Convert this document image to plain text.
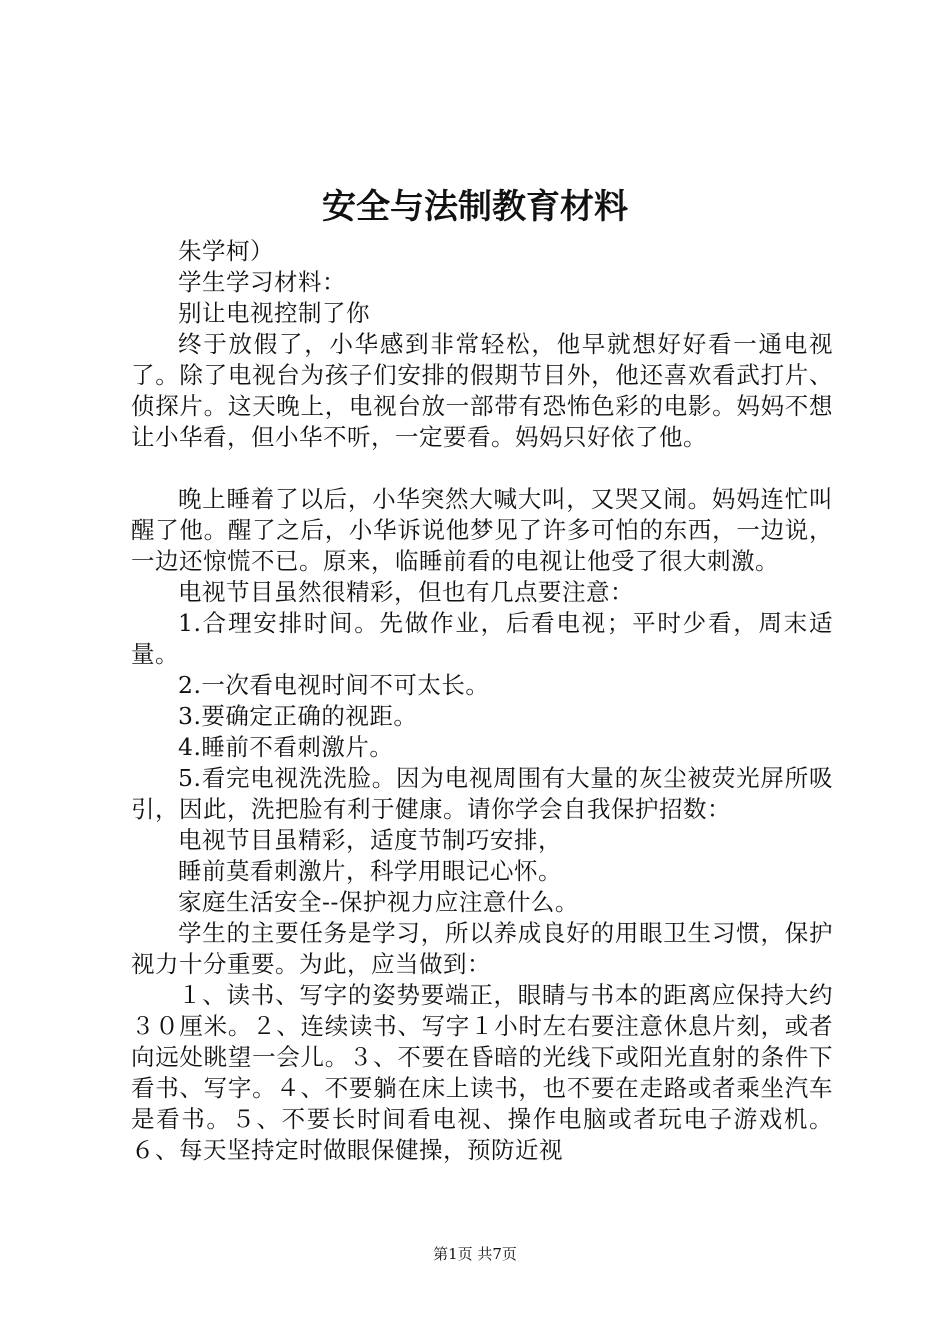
安全与法制教育材料

朱学柯）

学生学习材料：

别让电视控制了你

终于放假了，小华感到非常轻松，他早就想好好看一通电视了。除了电视台为孩子们安排的假期节目外，他还喜欢看武打片、侦探片。这天晚上，电视台放一部带有恐怖色彩的电影。妈妈不想让小华看，但小华不听，一定要看。妈妈只好依了他。

晚上睡着了以后，小华突然大喊大叫，又哭又闹。妈妈连忙叫醒了他。醒了之后，小华诉说他梦见了许多可怕的东西，一边说，一边还惊慌不已。原来，临睡前看的电视让他受了很大刺激。

电视节目虽然很精彩，但也有几点要注意：

1.合理安排时间。先做作业，后看电视；平时少看，周末适量。

2.一次看电视时间不可太长。

3.要确定正确的视距。

4.睡前不看刺激片。

5.看完电视洗洗脸。因为电视周围有大量的灰尘被荧光屏所吸引，因此，洗把脸有利于健康。请你学会自我保护招数：

电视节目虽精彩，适度节制巧安排，

睡前莫看刺激片，科学用眼记心怀。

家庭生活安全--保护视力应注意什么。

学生的主要任务是学习，所以养成良好的用眼卫生习惯，保护视力十分重要。为此，应当做到：

１、读书、写字的姿势要端正，眼睛与书本的距离应保持大约３０厘米。２、连续读书、写字１小时左右要注意休息片刻，或者向远处眺望一会儿。３、不要在昏暗的光线下或阳光直射的条件下看书、写字。４、不要躺在床上读书，也不要在走路或者乘坐汽车是看书。５、不要长时间看电视、操作电脑或者玩电子游戏机。６、每天坚持定时做眼保健操，预防近视

第1页 共7页
